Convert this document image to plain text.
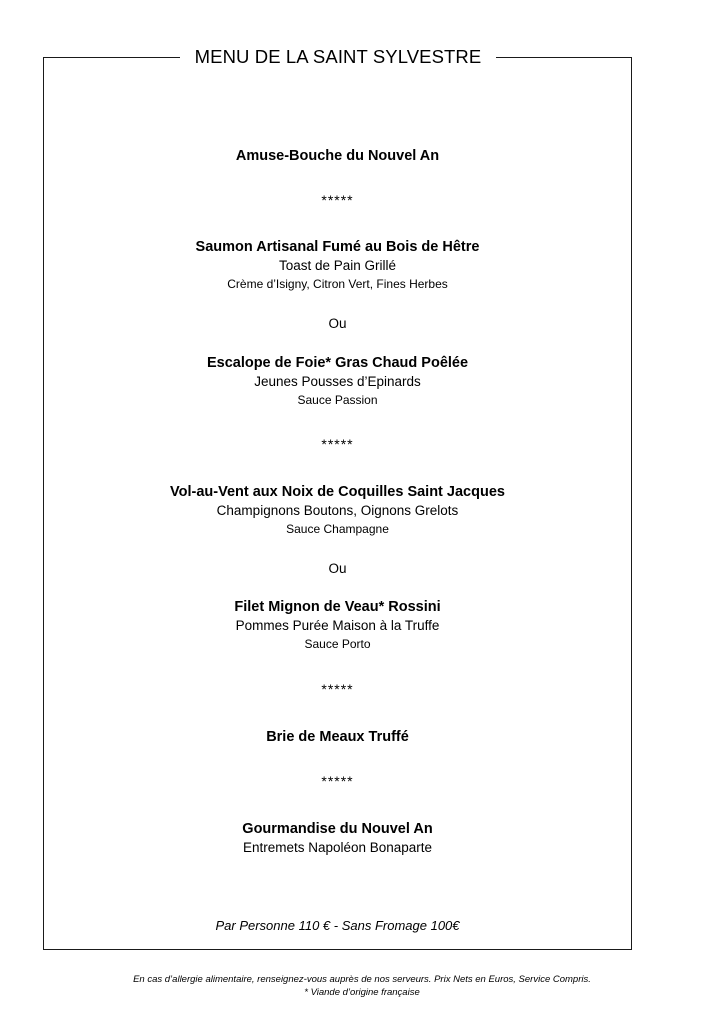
MENU DE LA SAINT SYLVESTRE
Amuse-Bouche du Nouvel An
*****
Saumon Artisanal Fumé au Bois de Hêtre
Toast de Pain Grillé
Crème d’Isigny, Citron Vert, Fines Herbes
Ou
Escalope de Foie* Gras Chaud Poêlée
Jeunes Pousses d’Epinards
Sauce Passion
*****
Vol-au-Vent aux Noix de Coquilles Saint Jacques
Champignons Boutons, Oignons Grelots
Sauce Champagne
Ou
Filet Mignon de Veau* Rossini
Pommes Purée Maison à la Truffe
Sauce Porto
*****
Brie de Meaux Truffé
*****
Gourmandise du Nouvel An
Entremets Napoléon Bonaparte
Par Personne 110 € - Sans Fromage 100€
En cas d’allergie alimentaire, renseignez-vous auprès de nos serveurs. Prix Nets en Euros, Service Compris.
* Viande d’origine française
